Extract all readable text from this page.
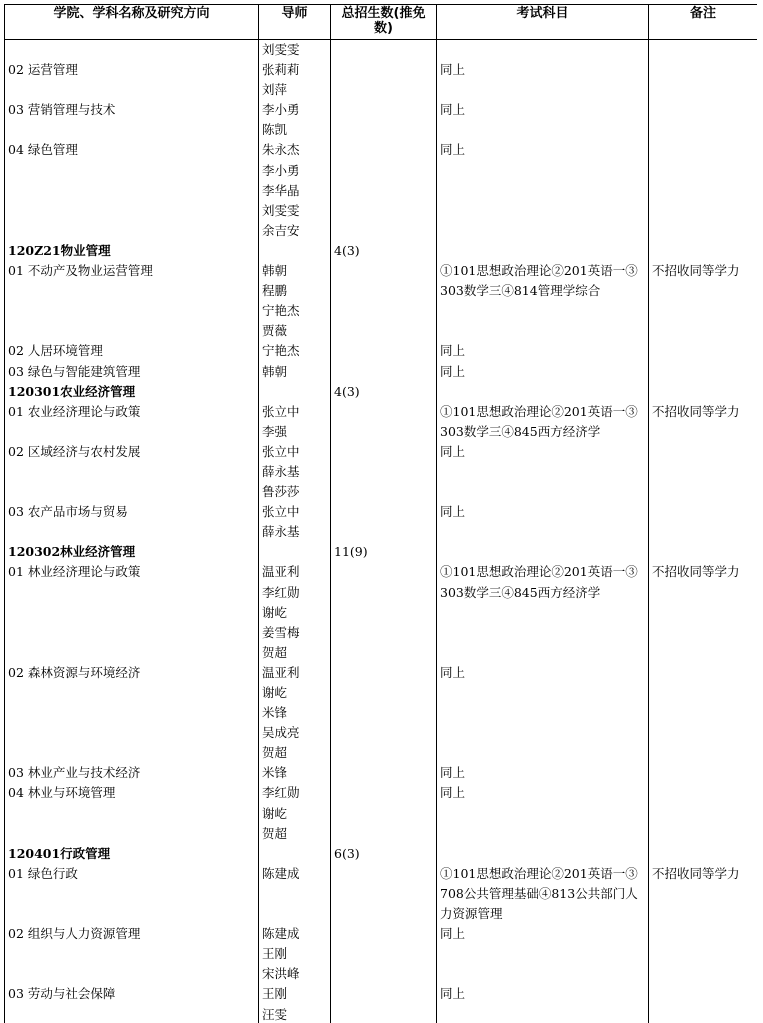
学院、学科名称及研究方向	导师	总招生数(推免数)	考试科目	备注

	刘雯雯			

02 运营管理	张莉莉		同上	

	刘萍			

03 营销管理与技术	李小勇		同上	

	陈凯			

04 绿色管理	朱永杰		同上	

	李小勇			

	李华晶			

	刘雯雯			

	余吉安			

120Z21物业管理		4(3)		

01 不动产及物业运营管理	韩朝		①101思想政治理论②201英语一③	不招收同等学力

	程鹏		303数学三④814管理学综合	

	宁艳杰			

	贾薇			

02 人居环境管理	宁艳杰		同上	

03 绿色与智能建筑管理	韩朝		同上	

120301农业经济管理		4(3)		

01 农业经济理论与政策	张立中		①101思想政治理论②201英语一③	不招收同等学力

	李强		303数学三④845西方经济学	

02 区域经济与农村发展	张立中		同上	

	薛永基			

	鲁莎莎			

03 农产品市场与贸易	张立中		同上	

	薛永基			

120302林业经济管理		11(9)		

01 林业经济理论与政策	温亚利		①101思想政治理论②201英语一③	不招收同等学力

	李红勋		303数学三④845西方经济学	

	谢屹			

	姜雪梅			

	贺超			

02 森林资源与环境经济	温亚利		同上	

	谢屹			

	米锋			

	吴成亮			

	贺超			

03 林业产业与技术经济	米锋		同上	

04 林业与环境管理	李红勋		同上	

	谢屹			

	贺超			

120401行政管理		6(3)		

01 绿色行政	陈建成		①101思想政治理论②201英语一③	不招收同等学力

			708公共管理基础④813公共部门人	

			力资源管理	

02 组织与人力资源管理	陈建成		同上	

	王刚			

	宋洪峰			

03 劳动与社会保障	王刚		同上	

	汪雯			
